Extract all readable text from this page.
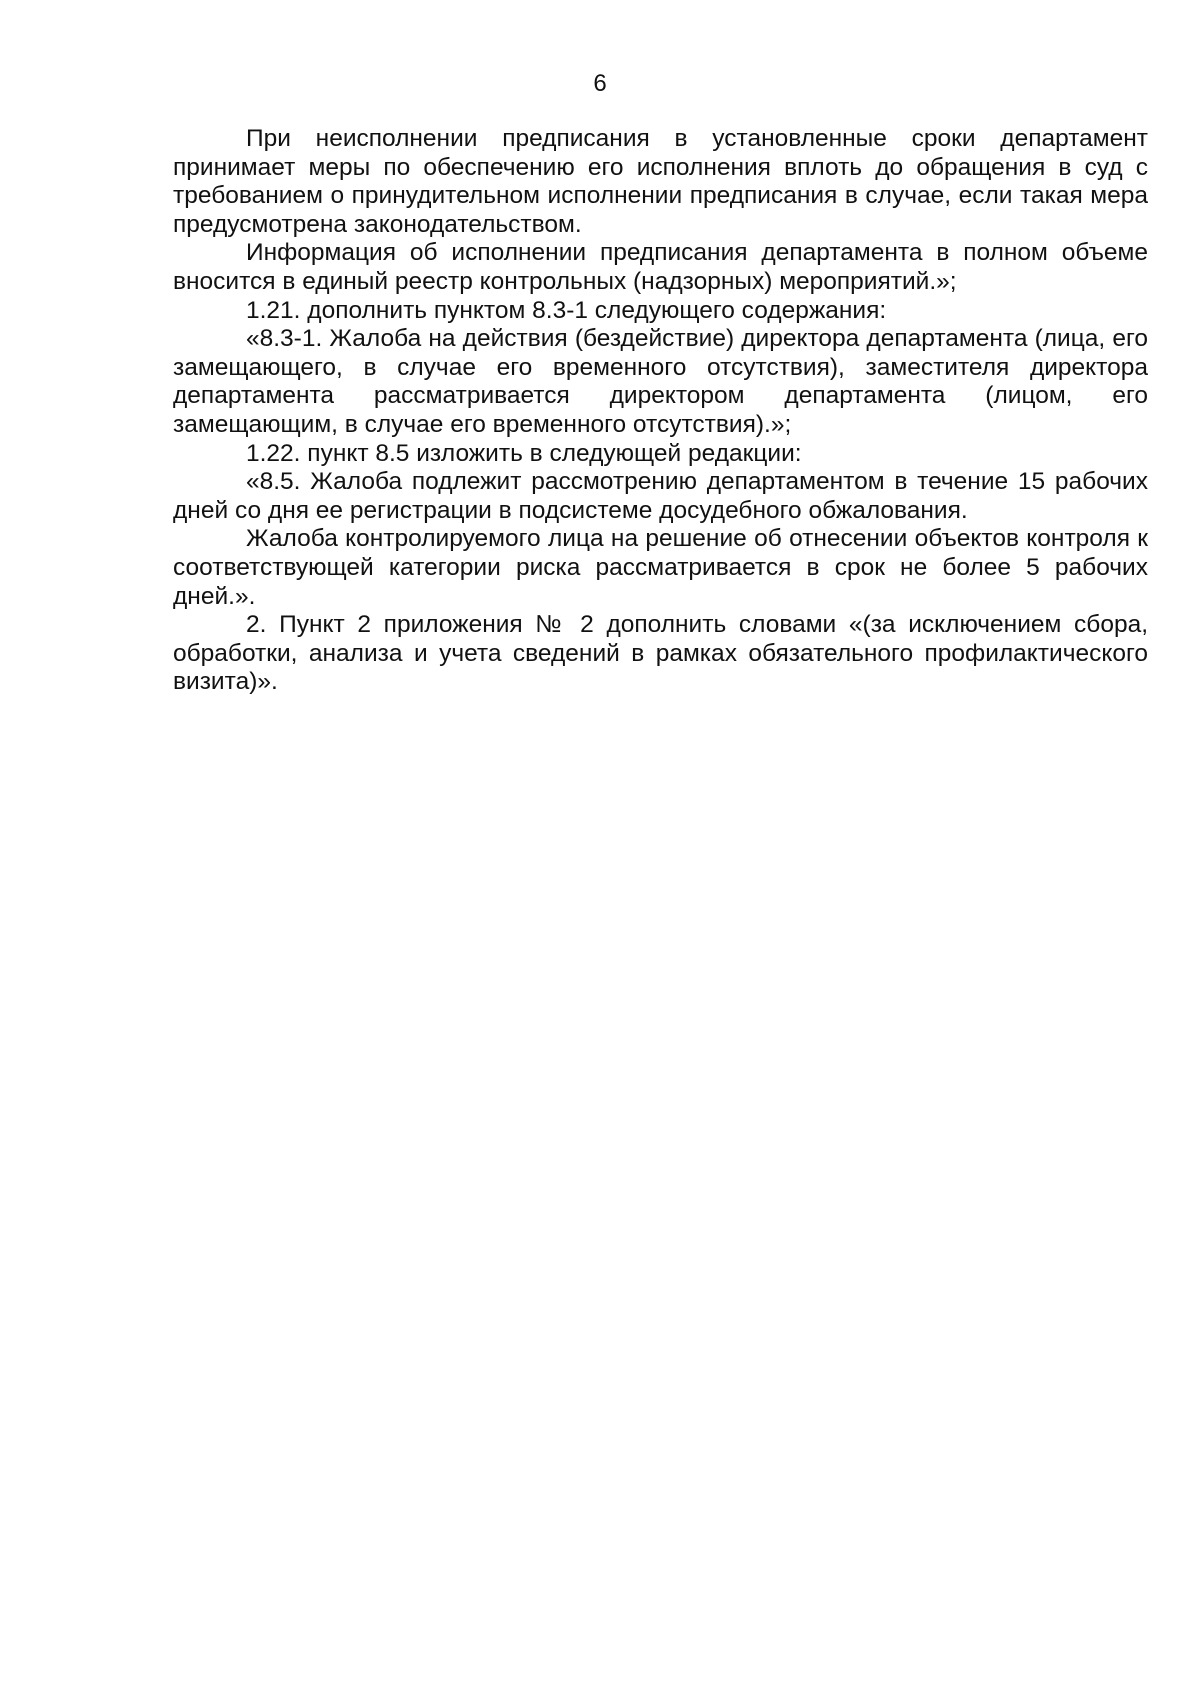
6

При неисполнении предписания в установленные сроки департамент принимает меры по обеспечению его исполнения вплоть до обращения в суд с требованием о принудительном исполнении предписания в случае, если такая мера предусмотрена законодательством.

Информация об исполнении предписания департамента в полном объеме вносится в единый реестр контрольных (надзорных) мероприятий.»;

1.21. дополнить пунктом 8.3-1 следующего содержания:

«8.3-1. Жалоба на действия (бездействие) директора департамента (лица, его замещающего, в случае его временного отсутствия), заместителя директора департамента рассматривается директором департамента (лицом, его замещающим, в случае его временного отсутствия).»;

1.22. пункт 8.5 изложить в следующей редакции:

«8.5. Жалоба подлежит рассмотрению департаментом в течение 15 рабочих дней со дня ее регистрации в подсистеме досудебного обжалования.

Жалоба контролируемого лица на решение об отнесении объектов контроля к соответствующей категории риска рассматривается в срок не более 5 рабочих дней.».

2. Пункт 2 приложения № 2 дополнить словами «(за исключением сбора, обработки, анализа и учета сведений в рамках обязательного профилактического визита)».
